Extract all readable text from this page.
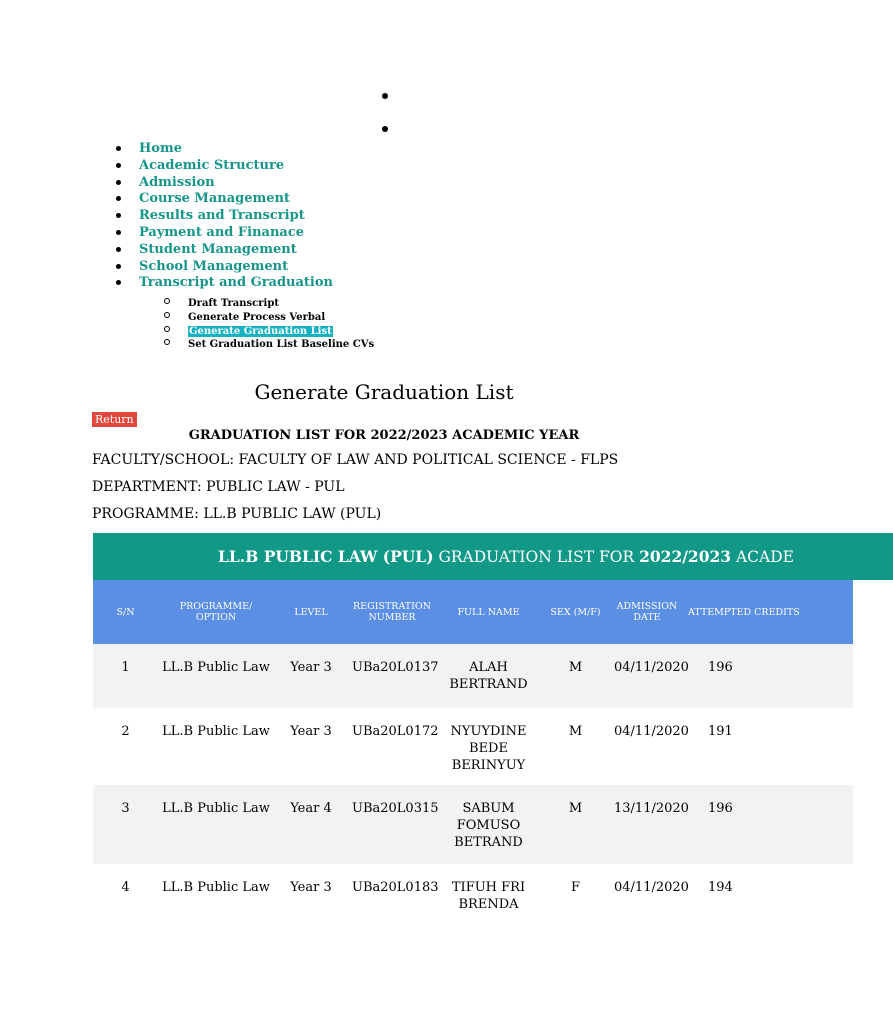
Home
Academic Structure
Admission
Course Management
Results and Transcript
Payment and Finanace
Student Management
School Management
Transcript and Graduation
Draft Transcript
Generate Process Verbal
Generate Graduation List
Set Graduation List Baseline CVs
Generate Graduation List
Return
GRADUATION LIST FOR 2022/2023 ACADEMIC YEAR
FACULTY/SCHOOL: FACULTY OF LAW AND POLITICAL SCIENCE - FLPS
DEPARTMENT: PUBLIC LAW - PUL
PROGRAMME: LL.B PUBLIC LAW (PUL)
LL.B PUBLIC LAW (PUL) GRADUATION LIST FOR 2022/2023 ACADE
S/N	PROGRAMME/ OPTION	LEVEL	REGISTRATION NUMBER	FULL NAME	SEX (M/F)	ADMISSION DATE	ATTEMPTED CREDITS
1	LL.B Public Law	Year 3	UBa20L0137	ALAH BERTRAND	M	04/11/2020	196
2	LL.B Public Law	Year 3	UBa20L0172	NYUYDINE BEDE BERINYUY	M	04/11/2020	191
3	LL.B Public Law	Year 4	UBa20L0315	SABUM FOMUSO BETRAND	M	13/11/2020	196
4	LL.B Public Law	Year 3	UBa20L0183	TIFUH FRI BRENDA	F	04/11/2020	194
